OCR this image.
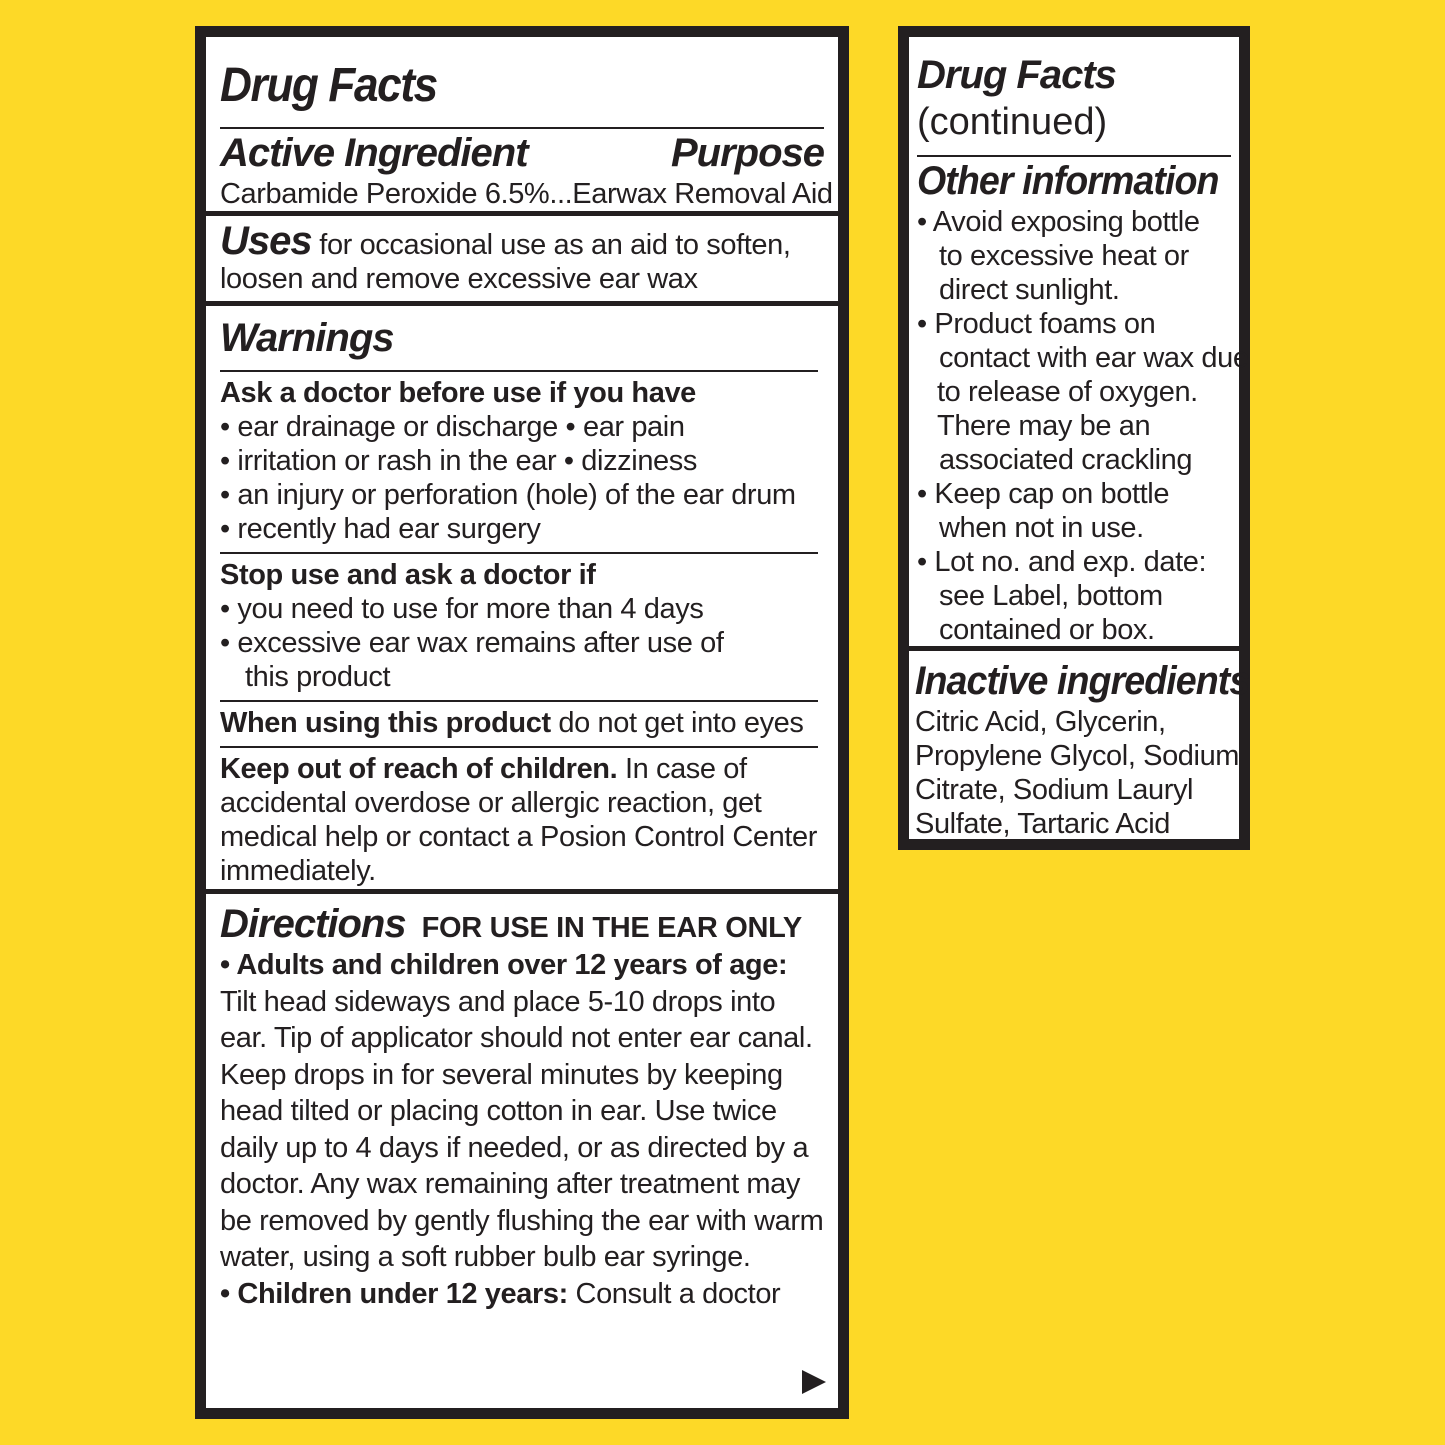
Drug Facts
Active Ingredient	Purpose
Carbamide Peroxide 6.5%...Earwax Removal Aid
Uses for occasional use as an aid to soften,
loosen and remove excessive ear wax
Warnings
Ask a doctor before use if you have
• ear drainage or discharge • ear pain
• irritation or rash in the ear • dizziness
• an injury or perforation (hole) of the ear drum
• recently had ear surgery
Stop use and ask a doctor if
• you need to use for more than 4 days
• excessive ear wax remains after use of this product
When using this product do not get into eyes
Keep out of reach of children. In case of accidental overdose or allergic reaction, get medical help or contact a Posion Control Center immediately.
Directions FOR USE IN THE EAR ONLY
• Adults and children over 12 years of age:
Tilt head sideways and place 5-10 drops into ear. Tip of applicator should not enter ear canal. Keep drops in for several minutes by keeping head tilted or placing cotton in ear. Use twice daily up to 4 days if needed, or as directed by a doctor. Any wax remaining after treatment may be removed by gently flushing the ear with warm water, using a soft rubber bulb ear syringe.
• Children under 12 years: Consult a doctor
Drug Facts
(continued)
Other information
• Avoid exposing bottle
to excessive heat or
direct sunlight.
• Product foams on
contact with ear wax due
to release of oxygen.
There may be an
associated crackling
• Keep cap on bottle
when not in use.
• Lot no. and exp. date:
see Label, bottom
contained or box.
Inactive ingredients
Citric Acid, Glycerin,
Propylene Glycol, Sodium
Citrate, Sodium Lauryl
Sulfate, Tartaric Acid
